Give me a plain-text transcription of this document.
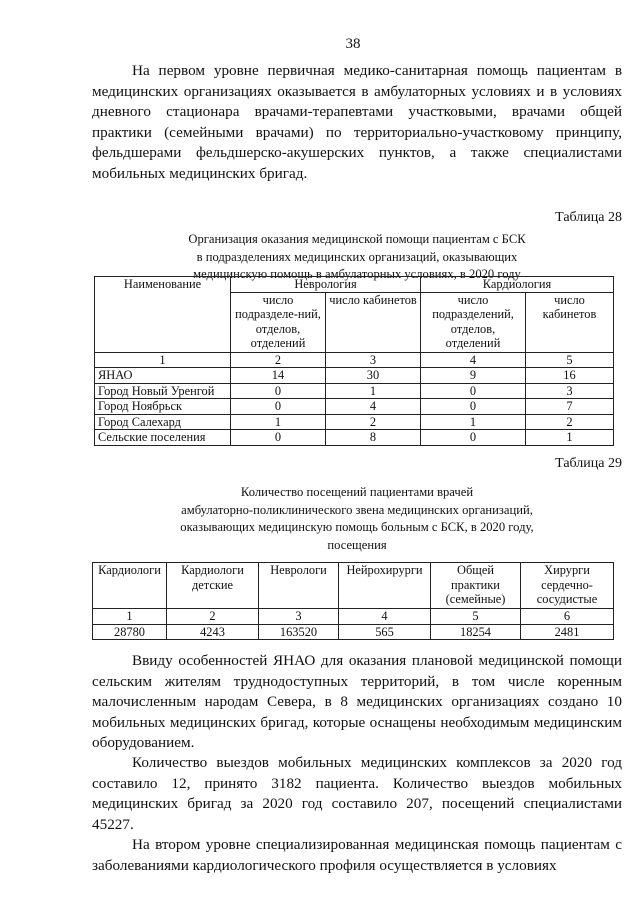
38

На первом уровне первичная медико-санитарная помощь пациентам в медицинских организациях оказывается в амбулаторных условиях и в условиях дневного стационара врачами-терапевтами участковыми, врачами общей практики (семейными врачами) по территориально-участковому принципу, фельдшерами фельдшерско-акушерских пунктов, а также специалистами мобильных медицинских бригад.

Таблица 28
Организация оказания медицинской помощи пациентам с БСК
в подразделениях медицинских организаций, оказывающих
медицинскую помощь в амбулаторных условиях, в 2020 году
Наименование	Неврология		Кардиология	
	число подразделе-ний, отделов, отделений	число кабинетов	число подразделений, отделов, отделений	число кабинетов
1	2	3	4	5
ЯНАО	14	30	9	16
Город Новый Уренгой	0	1	0	3
Город Ноябрьск	0	4	0	7
Город Салехард	1	2	1	2
Сельские поселения	0	8	0	1
Таблица 29
Количество посещений пациентами врачей
амбулаторно-поликлинического звена медицинских организаций,
оказывающих медицинскую помощь больным с БСК, в 2020 году,
посещения
Кардиологи	Кардиологи детские	Неврологи	Нейрохирурги	Общей практики (семейные)	Хирурги сердечно-сосудистые
1	2	3	4	5	6
28780	4243	163520	565	18254	2481

Ввиду особенностей ЯНАО для оказания плановой медицинской помощи сельским жителям труднодоступных территорий, в том числе коренным малочисленным народам Севера, в 8 медицинских организациях создано 10 мобильных медицинских бригад, которые оснащены необходимым медицинским оборудованием.

Количество выездов мобильных медицинских комплексов за 2020 год составило 12, принято 3182 пациента. Количество выездов мобильных медицинских бригад за 2020 год составило 207, посещений специалистами 45227.

На втором уровне специализированная медицинская помощь пациентам с заболеваниями кардиологического профиля осуществляется в условиях
